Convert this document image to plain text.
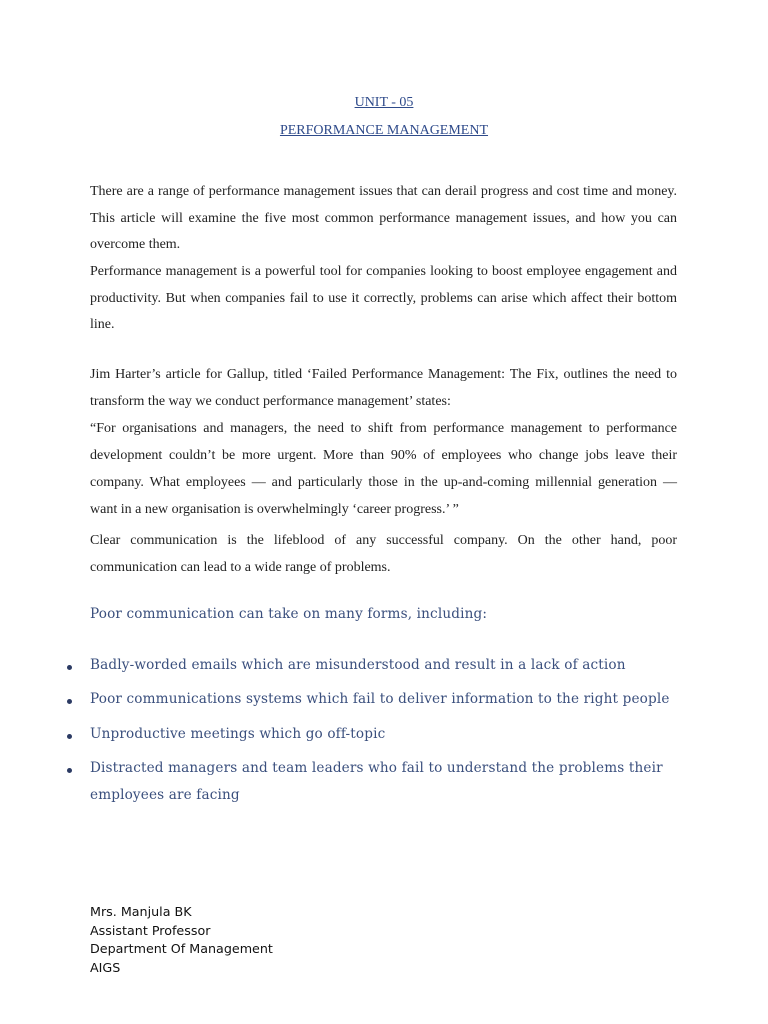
UNIT - 05

PERFORMANCE MANAGEMENT

There are a range of performance management issues that can derail progress and cost time and money. This article will examine the five most common performance management issues, and how you can overcome them.

Performance management is a powerful tool for companies looking to boost employee engagement and productivity. But when companies fail to use it correctly, problems can arise which affect their bottom line.

Jim Harter’s article for Gallup, titled ‘Failed Performance Management: The Fix, outlines the need to transform the way we conduct performance management’ states:

“For organisations and managers, the need to shift from performance management to performance development couldn’t be more urgent. More than 90% of employees who change jobs leave their company. What employees — and particularly those in the up-and-coming millennial generation — want in a new organisation is overwhelmingly ‘career progress.’ ”

Clear communication is the lifeblood of any successful company. On the other hand, poor communication can lead to a wide range of problems.

Poor communication can take on many forms, including:

Badly-worded emails which are misunderstood and result in a lack of action
Poor communications systems which fail to deliver information to the right people
Unproductive meetings which go off-topic
Distracted managers and team leaders who fail to understand the problems their employees are facing
Mrs. Manjula BK
Assistant Professor
Department Of Management
AIGS
